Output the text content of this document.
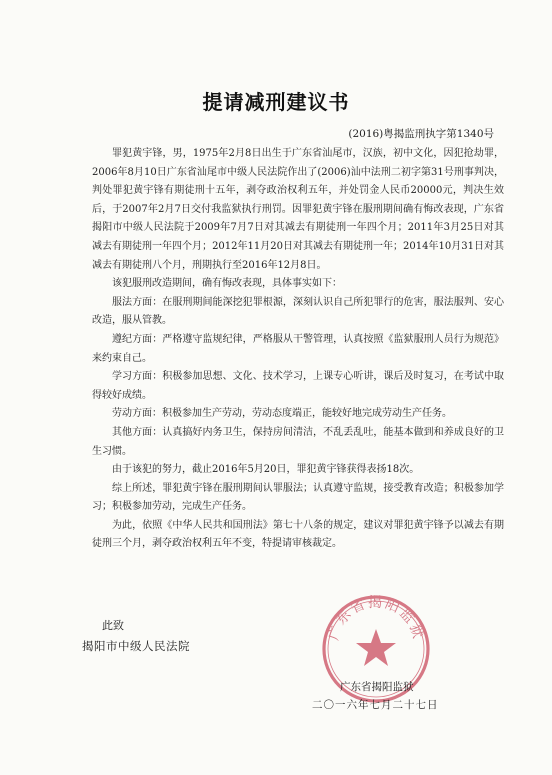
提请减刑建议书
(2016)粤揭监刑执字第1340号

罪犯黄宇锋，男，1975年2月8日出生于广东省汕尾市，汉族，初中文化，因犯抢劫罪，2006年8月10日广东省汕尾市中级人民法院作出了(2006)汕中法刑二初字第31号刑事判决，判处罪犯黄宇锋有期徒刑十五年，剥夺政治权利五年，并处罚金人民币20000元，判决生效后，于2007年2月7日交付我监狱执行刑罚。因罪犯黄宇锋在服刑期间确有悔改表现，广东省揭阳市中级人民法院于2009年7月7日对其减去有期徒刑一年四个月；2011年3月25日对其减去有期徒刑一年四个月；2012年11月20日对其减去有期徒刑一年；2014年10月31日对其减去有期徒刑八个月，刑期执行至2016年12月8日。

该犯服刑改造期间，确有悔改表现，具体事实如下：

服法方面：在服刑期间能深挖犯罪根源，深刻认识自己所犯罪行的危害，服法服判、安心改造，服从管教。

遵纪方面：严格遵守监规纪律，严格服从干警管理，认真按照《监狱服刑人员行为规范》来约束自己。

学习方面：积极参加思想、文化、技术学习，上课专心听讲，课后及时复习，在考试中取得较好成绩。

劳动方面：积极参加生产劳动，劳动态度端正，能较好地完成劳动生产任务。

其他方面：认真搞好内务卫生，保持房间清洁，不乱丢乱吐，能基本做到和养成良好的卫生习惯。

由于该犯的努力，截止2016年5月20日，罪犯黄宇锋获得表扬18次。

综上所述，罪犯黄宇锋在服刑期间认罪服法；认真遵守监规，接受教育改造；积极参加学习；积极参加劳动，完成生产任务。

为此，依照《中华人民共和国刑法》第七十八条的规定，建议对罪犯黄宇锋予以减去有期徒刑三个月，剥夺政治权利五年不变，特提请审核裁定。

此致
揭阳市中级人民法院
广东省揭阳监狱
广东省揭阳监狱
二〇一六年七月二十七日
